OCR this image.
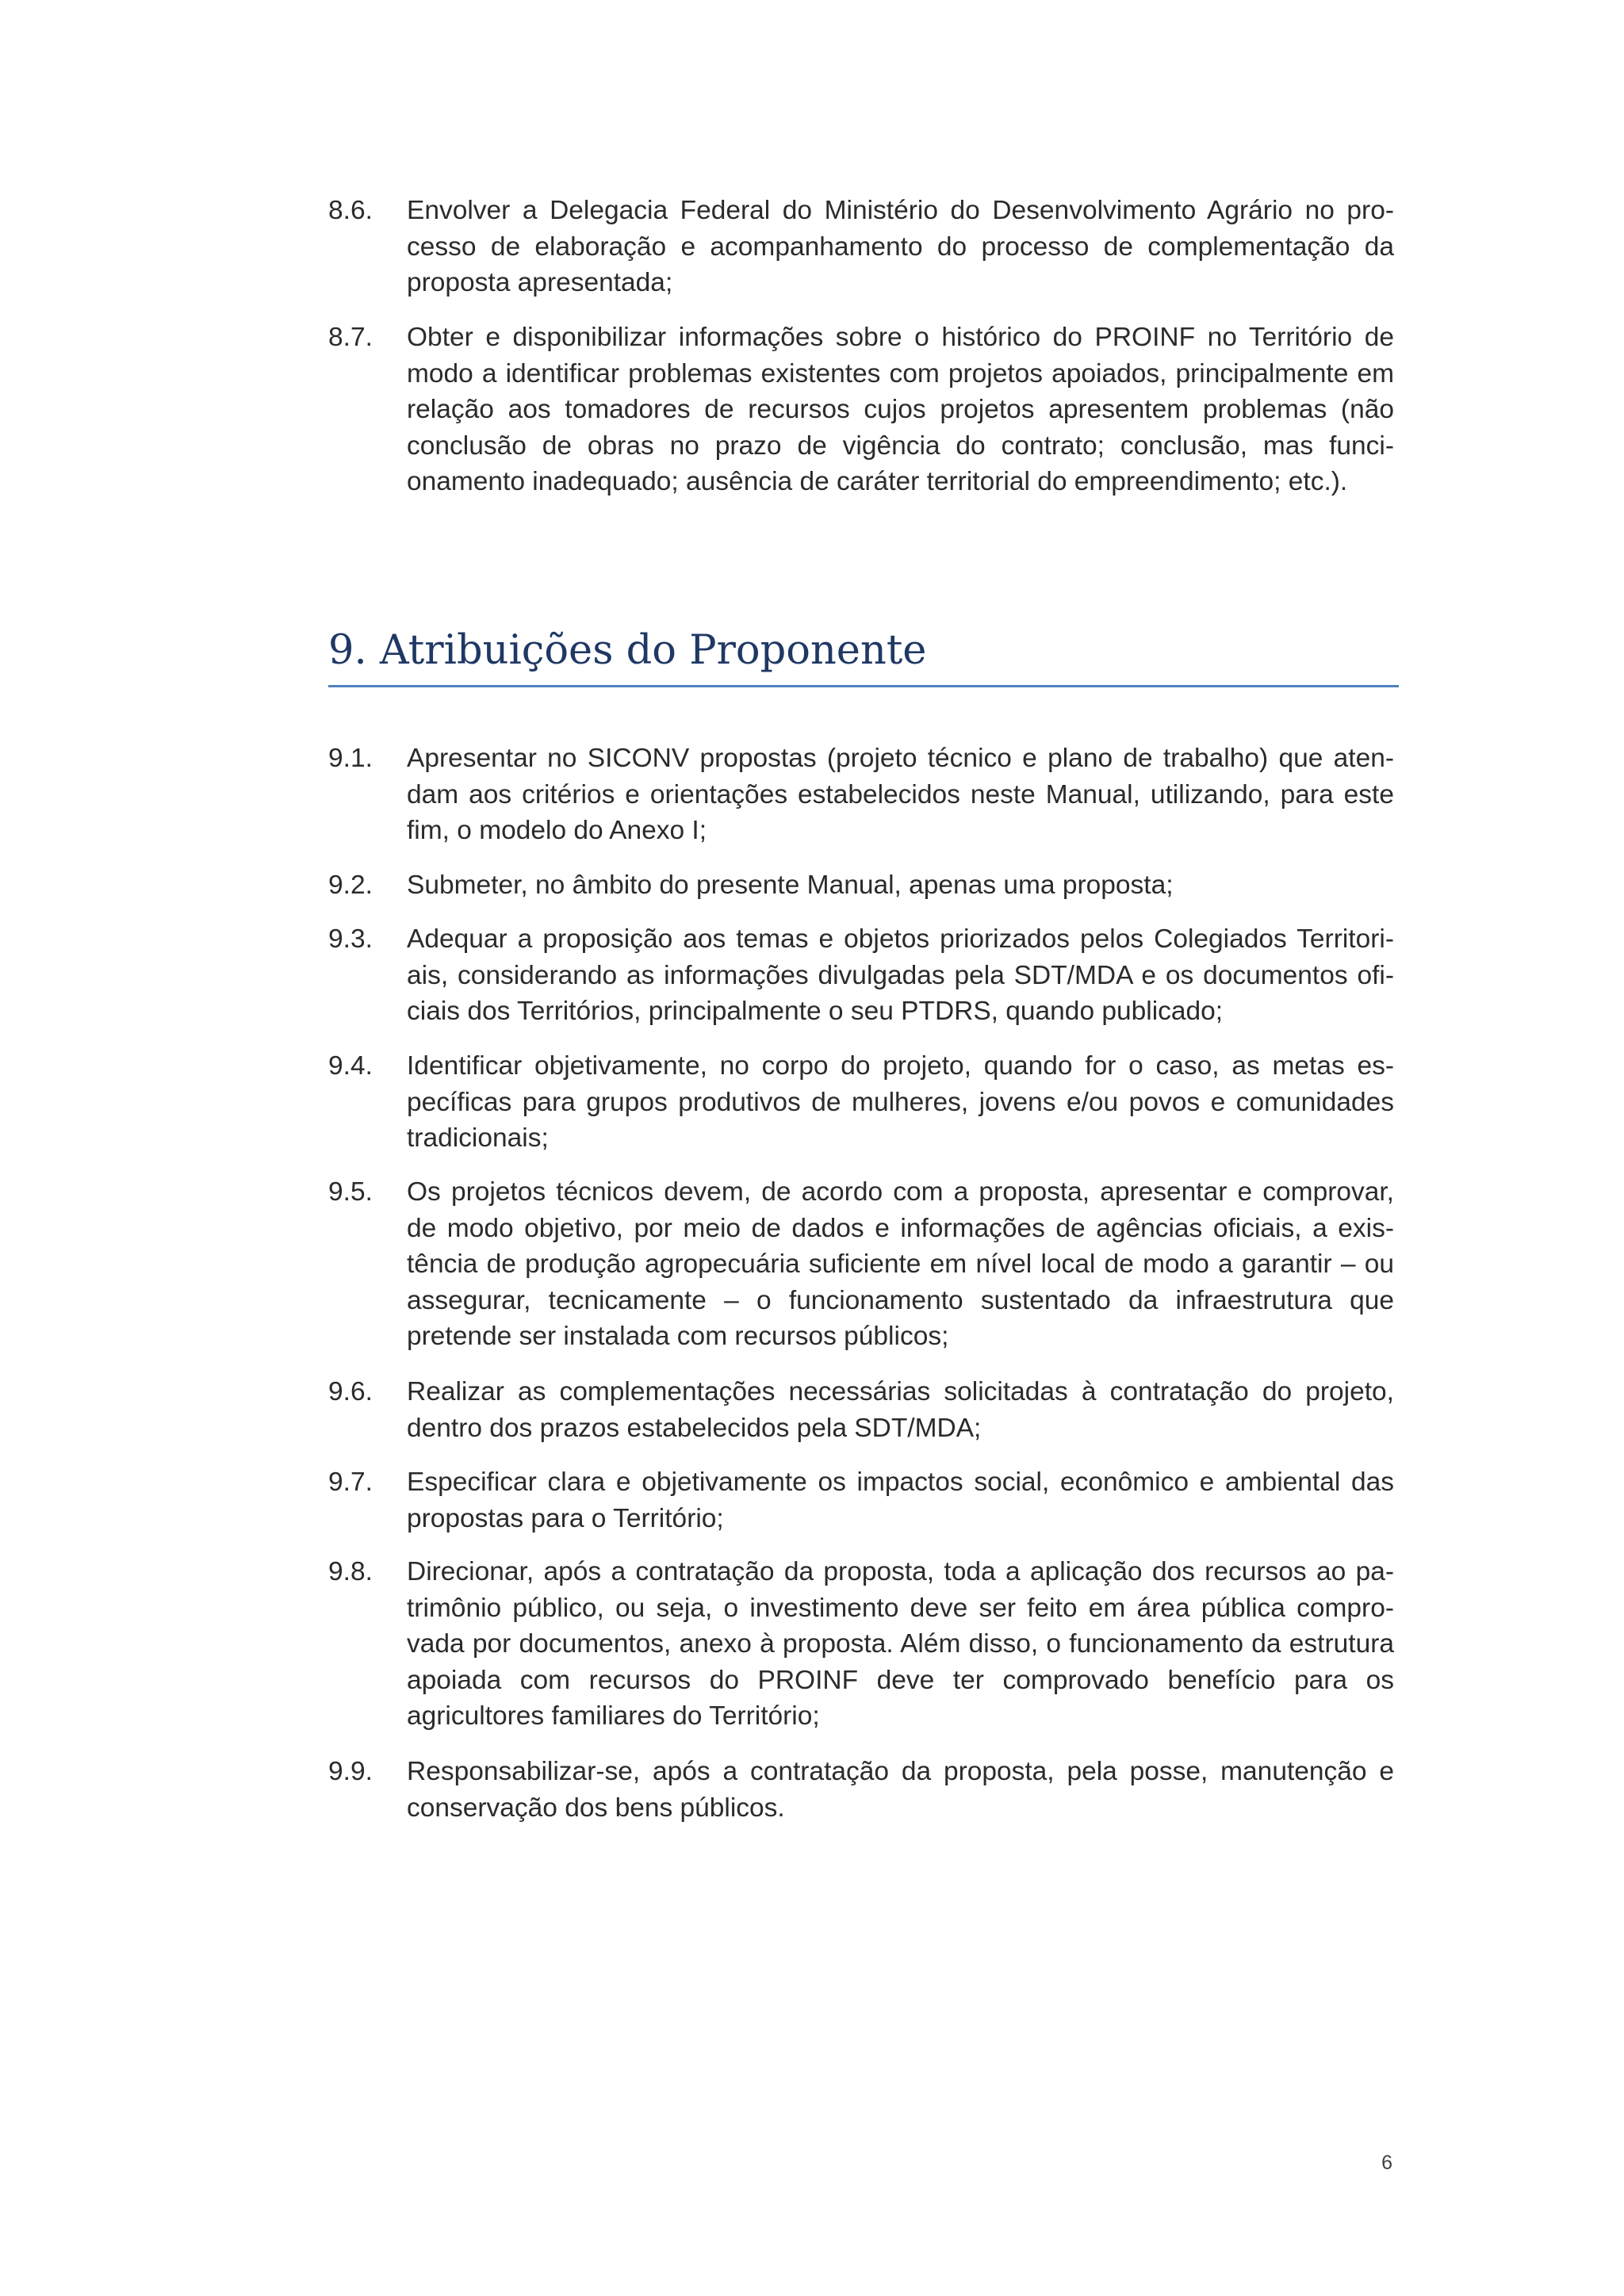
8.6.	Envolver a Delegacia Federal do Ministério do Desenvolvimento Agrário no processo de elaboração e acompanhamento do processo de complementação da proposta apresentada;
8.7.	Obter e disponibilizar informações sobre o histórico do PROINF no Território de modo a identificar problemas existentes com projetos apoiados, principalmente em relação aos tomadores de recursos cujos projetos apresentem problemas (não conclusão de obras no prazo de vigência do contrato; conclusão, mas funcionamento inadequado; ausência de caráter territorial do empreendimento; etc.).
9. Atribuições do Proponente
9.1.	Apresentar no SICONV propostas (projeto técnico e plano de trabalho) que atendam aos critérios e orientações estabelecidos neste Manual, utilizando, para este fim, o modelo do Anexo I;
9.2.	Submeter, no âmbito do presente Manual, apenas uma proposta;
9.3.	Adequar a proposição aos temas e objetos priorizados pelos Colegiados Territoriais, considerando as informações divulgadas pela SDT/MDA e os documentos oficiais dos Territórios, principalmente o seu PTDRS, quando publicado;
9.4.	Identificar objetivamente, no corpo do projeto, quando for o caso, as metas específicas para grupos produtivos de mulheres, jovens e/ou povos e comunidades tradicionais;
9.5.	Os projetos técnicos devem, de acordo com a proposta, apresentar e comprovar, de modo objetivo, por meio de dados e informações de agências oficiais, a existência de produção agropecuária suficiente em nível local de modo a garantir – ou assegurar, tecnicamente – o funcionamento sustentado da infraestrutura que pretende ser instalada com recursos públicos;
9.6.	Realizar as complementações necessárias solicitadas à contratação do projeto, dentro dos prazos estabelecidos pela SDT/MDA;
9.7.	Especificar clara e objetivamente os impactos social, econômico e ambiental das propostas para o Território;
9.8.	Direcionar, após a contratação da proposta, toda a aplicação dos recursos ao patrimônio público, ou seja, o investimento deve ser feito em área pública comprovada por documentos, anexo à proposta. Além disso, o funcionamento da estrutura apoiada com recursos do PROINF deve ter comprovado benefício para os agricultores familiares do Território;
9.9.	Responsabilizar-se, após a contratação da proposta, pela posse, manutenção e conservação dos bens públicos.
6
